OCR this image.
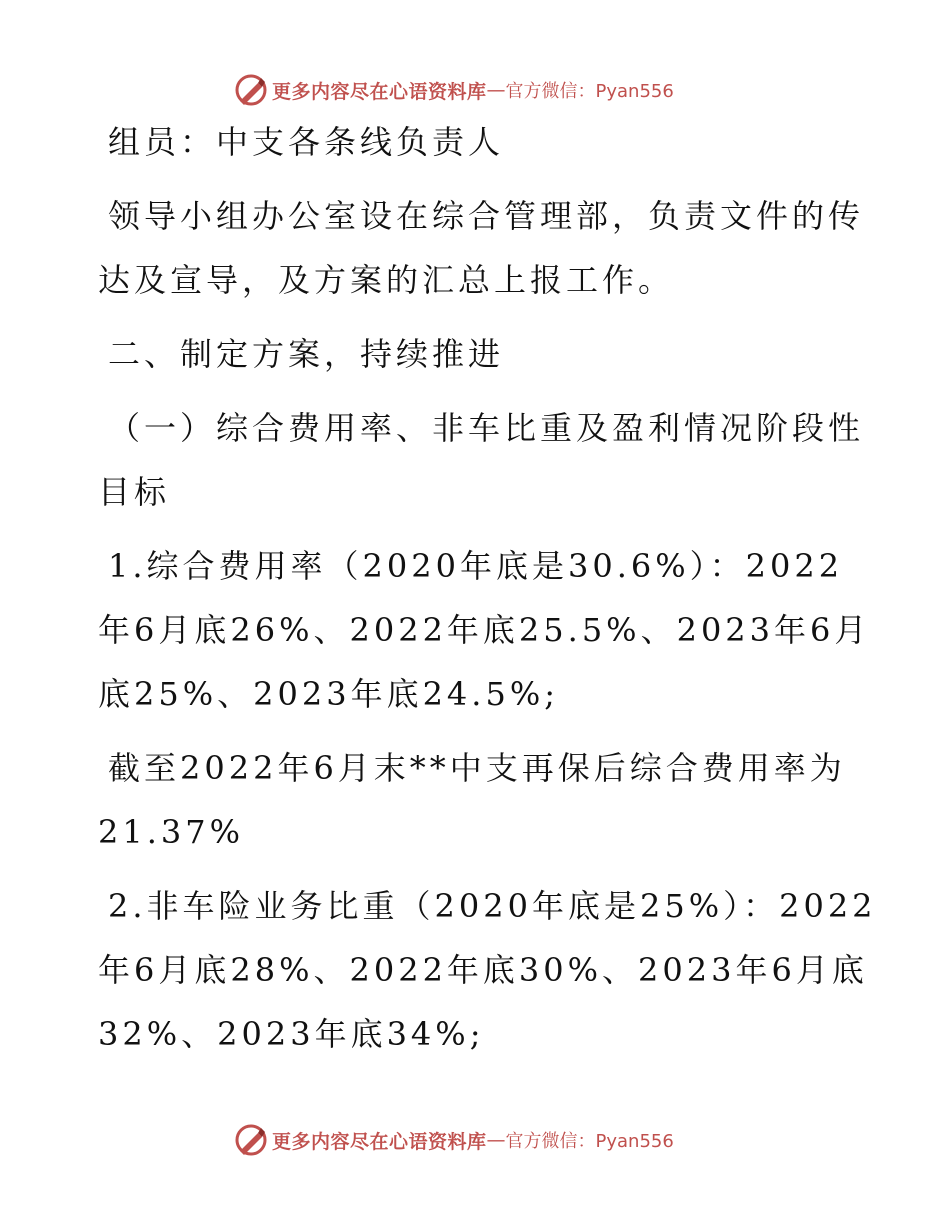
更多内容尽在心语资料库 — 官方微信：Pyan556

组员：中支各条线负责人

领导小组办公室设在综合管理部，负责文件的传达及宣导，及方案的汇总上报工作。

二、制定方案，持续推进

（一）综合费用率、非车比重及盈利情况阶段性目标

1.综合费用率（2020年底是30.6%）：2022年6月底26%、2022年底25.5%、2023年6月底25%、2023年底24.5%;

截至2022年6月末**中支再保后综合费用率为21.37%

2.非车险业务比重（2020年底是25%）：2022年6月底28%、2022年底30%、2023年6月底32%、2023年底34%;

更多内容尽在心语资料库 — 官方微信：Pyan556
